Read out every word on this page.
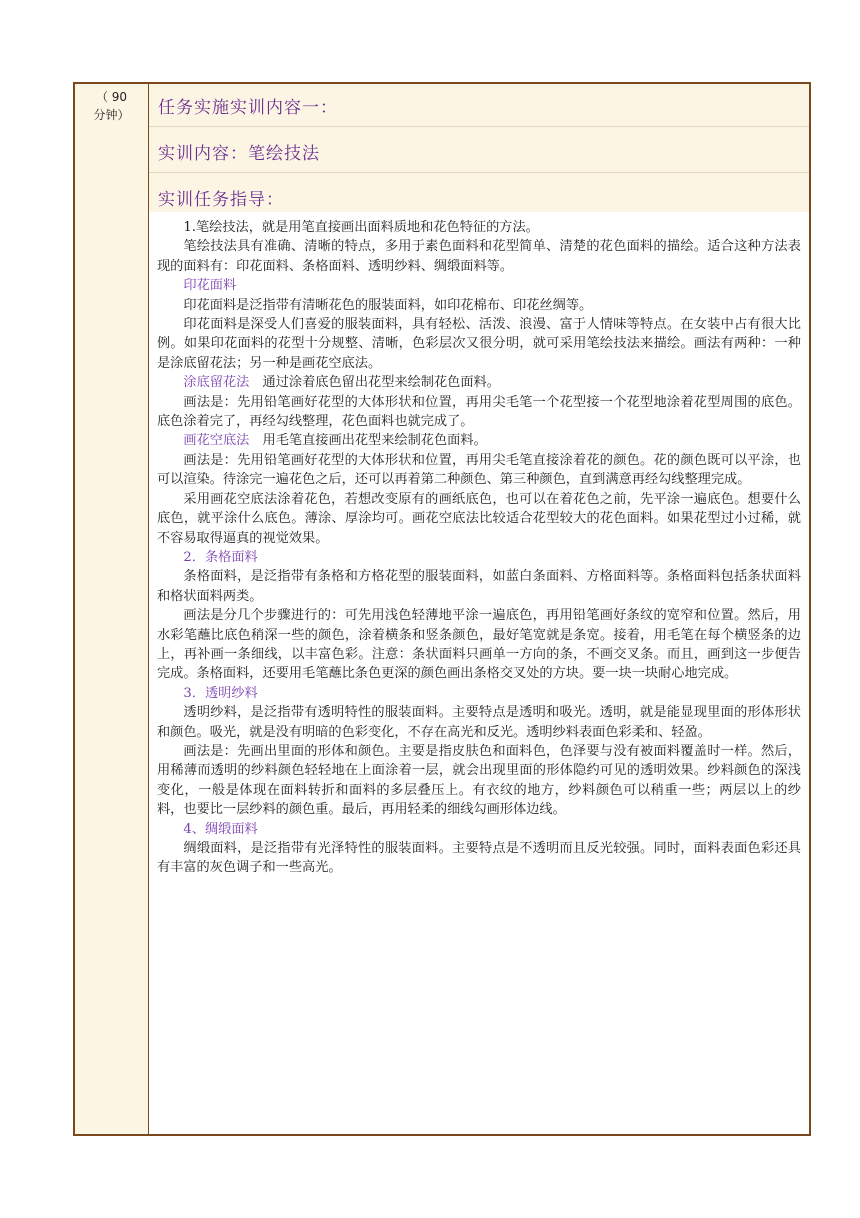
（ 90
分钟）	任务实施实训内容一：
实训内容：笔绘技法
实训任务指导：

1.笔绘技法，就是用笔直接画出面料质地和花色特征的方法。

笔绘技法具有准确、清晰的特点，多用于素色面料和花型简单、清楚的花色面料的描绘。适合这种方法表现的面料有：印花面料、条格面料、透明纱料、绸缎面料等。

印花面料

印花面料是泛指带有清晰花色的服装面料，如印花棉布、印花丝绸等。

印花面料是深受人们喜爱的服装面料，具有轻松、活泼、浪漫、富于人情味等特点。在女装中占有很大比例。如果印花面料的花型十分规整、清晰，色彩层次又很分明，就可采用笔绘技法来描绘。画法有两种：一种是涂底留花法；另一种是画花空底法。

涂底留花法　通过涂着底色留出花型来绘制花色面料。

画法是：先用铅笔画好花型的大体形状和位置，再用尖毛笔一个花型接一个花型地涂着花型周围的底色。底色涂着完了，再经勾线整理，花色面料也就完成了。

画花空底法　用毛笔直接画出花型来绘制花色面料。

画法是：先用铅笔画好花型的大体形状和位置，再用尖毛笔直接涂着花的颜色。花的颜色既可以平涂，也可以渲染。待涂完一遍花色之后，还可以再着第二种颜色、第三种颜色，直到满意再经勾线整理完成。

采用画花空底法涂着花色，若想改变原有的画纸底色，也可以在着花色之前，先平涂一遍底色。想要什么底色，就平涂什么底色。薄涂、厚涂均可。画花空底法比较适合花型较大的花色面料。如果花型过小过稀，就不容易取得逼真的视觉效果。

2．条格面料

条格面料，是泛指带有条格和方格花型的服装面料，如蓝白条面料、方格面料等。条格面料包括条状面料和格状面料两类。

画法是分几个步骤进行的：可先用浅色轻薄地平涂一遍底色，再用铅笔画好条纹的宽窄和位置。然后，用水彩笔蘸比底色稍深一些的颜色，涂着横条和竖条颜色，最好笔宽就是条宽。接着，用毛笔在每个横竖条的边上，再补画一条细线，以丰富色彩。注意：条状面料只画单一方向的条，不画交叉条。而且，画到这一步便告完成。条格面料，还要用毛笔蘸比条色更深的颜色画出条格交叉处的方块。要一块一块耐心地完成。

3．透明纱料

透明纱料，是泛指带有透明特性的服装面料。主要特点是透明和吸光。透明，就是能显现里面的形体形状和颜色。吸光，就是没有明暗的色彩变化，不存在高光和反光。透明纱料表面色彩柔和、轻盈。

画法是：先画出里面的形体和颜色。主要是指皮肤色和面料色，色泽要与没有被面料覆盖时一样。然后，用稀薄而透明的纱料颜色轻轻地在上面涂着一层，就会出现里面的形体隐约可见的透明效果。纱料颜色的深浅变化，一般是体现在面料转折和面料的多层叠压上。有衣纹的地方，纱料颜色可以稍重一些；两层以上的纱料，也要比一层纱料的颜色重。最后，再用轻柔的细线勾画形体边线。

4、绸缎面料

绸缎面料，是泛指带有光泽特性的服装面料。主要特点是不透明而且反光较强。同时，面料表面色彩还具有丰富的灰色调子和一些高光。
